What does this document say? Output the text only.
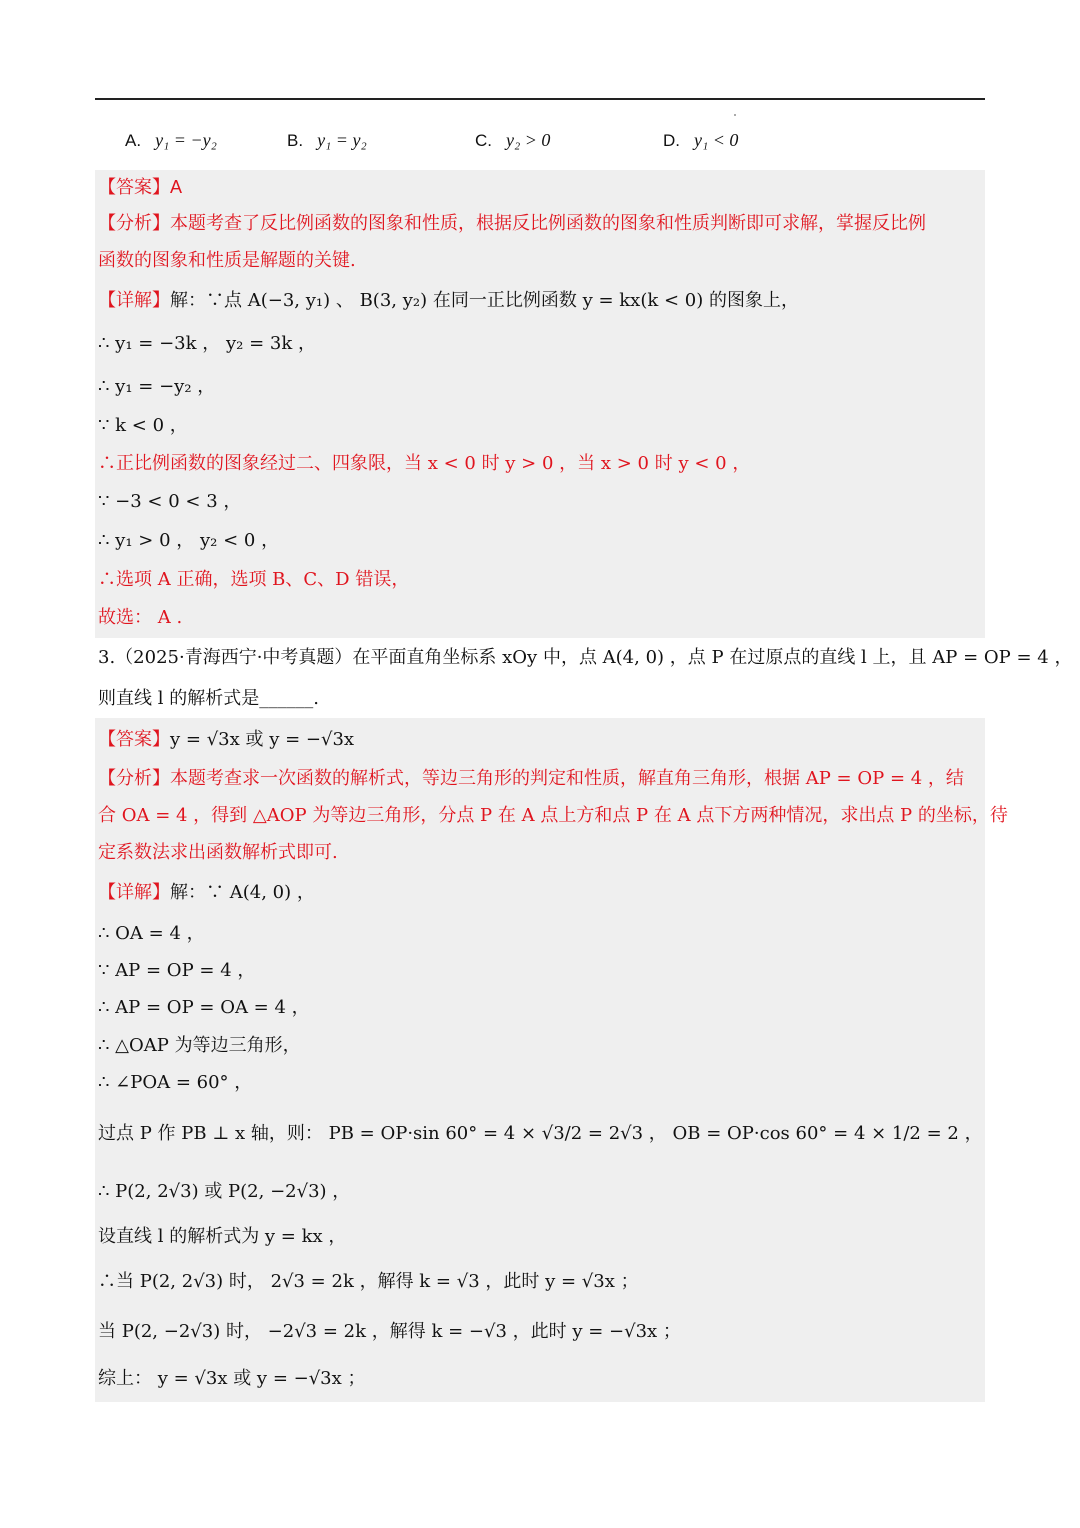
A. y₁ = −y₂	B. y₁ = y₂	C. y₂ > 0	D. y₁ < 0
【答案】A
【分析】本题考查了反比例函数的图象和性质，根据反比例函数的图象和性质判断即可求解，掌握反比例
函数的图象和性质是解题的关键.
【详解】解：∵点 A(−3, y₁) 、 B(3, y₂) 在同一正比例函数 y = kx(k < 0) 的图象上，
∴ y₁ = −3k ， y₂ = 3k ，
∴ y₁ = −y₂ ，
∵ k < 0 ，
∴正比例函数的图象经过二、四象限，当 x < 0 时 y > 0 ，当 x > 0 时 y < 0 ，
∵ −3 < 0 < 3 ，
∴ y₁ > 0 ， y₂ < 0 ，
∴选项 A 正确，选项 B、C、D 错误，
故选： A .
3.（2025·青海西宁·中考真题）在平面直角坐标系 xOy 中，点 A(4, 0) ，点 P 在过原点的直线 l 上，且 AP = OP = 4 ，
则直线 l 的解析式是______.
【答案】y = √3x 或 y = −√3x
【分析】本题考查求一次函数的解析式，等边三角形的判定和性质，解直角三角形，根据 AP = OP = 4 ，结
合 OA = 4 ，得到 △AOP 为等边三角形，分点 P 在 A 点上方和点 P 在 A 点下方两种情况，求出点 P 的坐标，待
定系数法求出函数解析式即可.
【详解】解：∵ A(4, 0) ，
∴ OA = 4 ，
∵ AP = OP = 4 ，
∴ AP = OP = OA = 4 ，
∴ △OAP 为等边三角形，
∴ ∠POA = 60° ，
过点 P 作 PB ⊥ x 轴，则： PB = OP·sin 60° = 4 × √3/2 = 2√3 ， OB = OP·cos 60° = 4 × 1/2 = 2 ，
∴ P(2, 2√3) 或 P(2, −2√3) ，
设直线 l 的解析式为 y = kx ，
∴当 P(2, 2√3) 时， 2√3 = 2k ，解得 k = √3 ，此时 y = √3x ；
当 P(2, −2√3) 时， −2√3 = 2k ，解得 k = −√3 ，此时 y = −√3x ；
综上： y = √3x 或 y = −√3x ；
